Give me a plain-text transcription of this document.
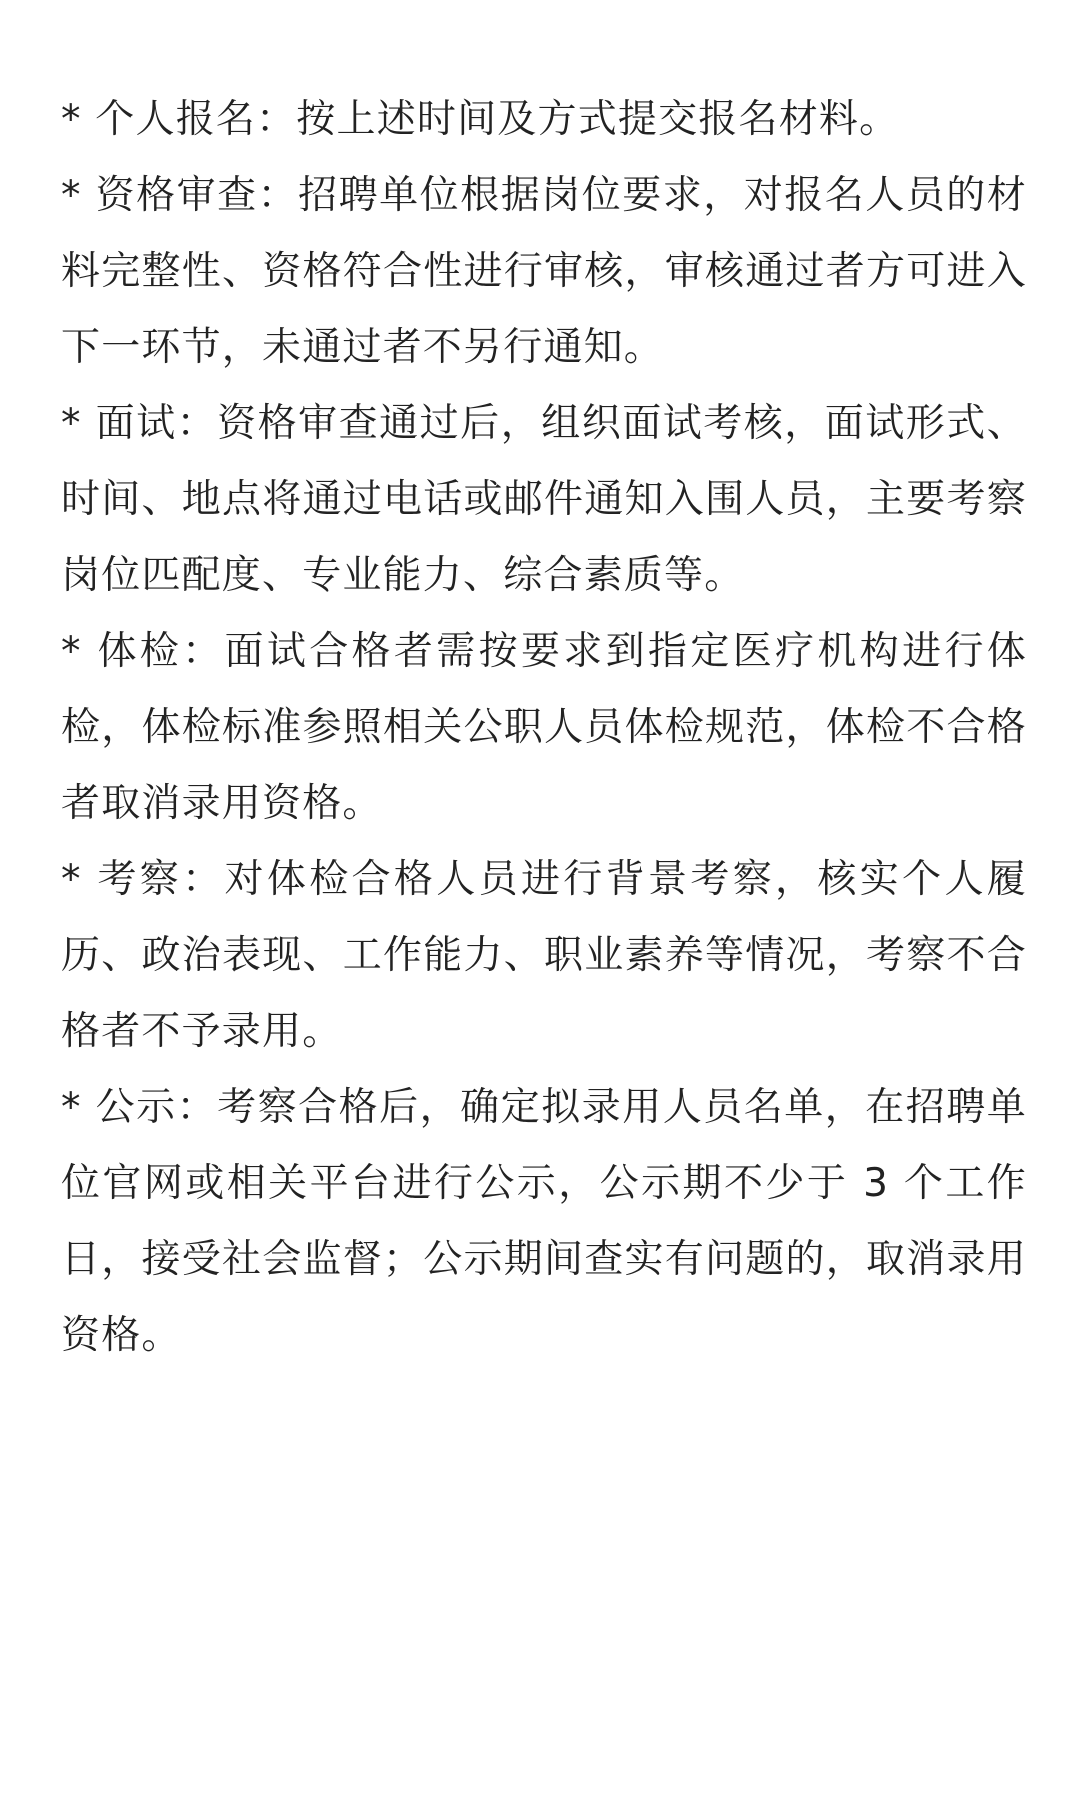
* 个人报名：按上述时间及方式提交报名材料。

* 资格审查：招聘单位根据岗位要求，对报名人员的材料完整性、资格符合性进行审核，审核通过者方可进入下一环节，未通过者不另行通知。

* 面试：资格审查通过后，组织面试考核，面试形式、时间、地点将通过电话或邮件通知入围人员，主要考察岗位匹配度、专业能力、综合素质等。

* 体检：面试合格者需按要求到指定医疗机构进行体检，体检标准参照相关公职人员体检规范，体检不合格者取消录用资格。

* 考察：对体检合格人员进行背景考察，核实个人履历、政治表现、工作能力、职业素养等情况，考察不合格者不予录用。

* 公示：考察合格后，确定拟录用人员名单，在招聘单位官网或相关平台进行公示，公示期不少于 3 个工作日，接受社会监督；公示期间查实有问题的，取消录用资格。
